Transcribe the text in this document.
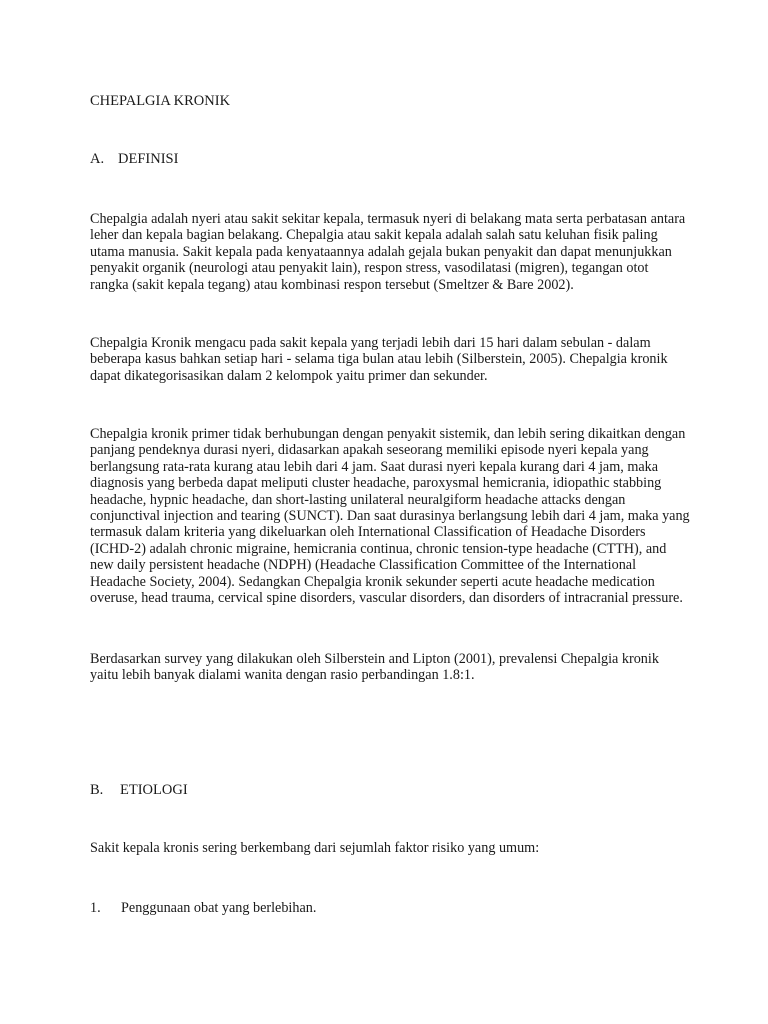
CHEPALGIA KRONIK

A. DEFINISI

Chepalgia adalah nyeri atau sakit sekitar kepala, termasuk nyeri di belakang mata serta perbatasan antara leher dan kepala bagian belakang. Chepalgia atau sakit kepala adalah salah satu keluhan fisik paling utama manusia. Sakit kepala pada kenyataannya adalah gejala bukan penyakit dan dapat menunjukkan penyakit organik (neurologi atau penyakit lain), respon stress, vasodilatasi (migren), tegangan otot rangka (sakit kepala tegang) atau kombinasi respon tersebut (Smeltzer & Bare 2002).

Chepalgia Kronik mengacu pada sakit kepala yang terjadi lebih dari 15 hari dalam sebulan - dalam beberapa kasus bahkan setiap hari - selama tiga bulan atau lebih (Silberstein, 2005). Chepalgia kronik dapat dikategorisasikan dalam 2 kelompok yaitu primer dan sekunder.

Chepalgia kronik primer tidak berhubungan dengan penyakit sistemik, dan lebih sering dikaitkan dengan panjang pendeknya durasi nyeri, didasarkan apakah seseorang memiliki episode nyeri kepala yang berlangsung rata-rata kurang atau lebih dari 4 jam. Saat durasi nyeri kepala kurang dari 4 jam, maka diagnosis yang berbeda dapat meliputi cluster headache, paroxysmal hemicrania, idiopathic stabbing headache, hypnic headache, dan short-lasting unilateral neuralgiform headache attacks dengan conjunctival injection and tearing (SUNCT). Dan saat durasinya berlangsung lebih dari 4 jam, maka yang termasuk dalam kriteria yang dikeluarkan oleh International Classification of Headache Disorders (ICHD-2) adalah chronic migraine, hemicrania continua, chronic tension-type headache (CTTH), and new daily persistent headache (NDPH) (Headache Classification Committee of the International Headache Society, 2004). Sedangkan Chepalgia kronik sekunder seperti acute headache medication overuse, head trauma, cervical spine disorders, vascular disorders, dan disorders of intracranial pressure.

Berdasarkan survey yang dilakukan oleh Silberstein and Lipton (2001), prevalensi Chepalgia kronik yaitu lebih banyak dialami wanita dengan rasio perbandingan 1.8:1.

B. ETIOLOGI

Sakit kepala kronis sering berkembang dari sejumlah faktor risiko yang umum:

1. Penggunaan obat yang berlebihan.
